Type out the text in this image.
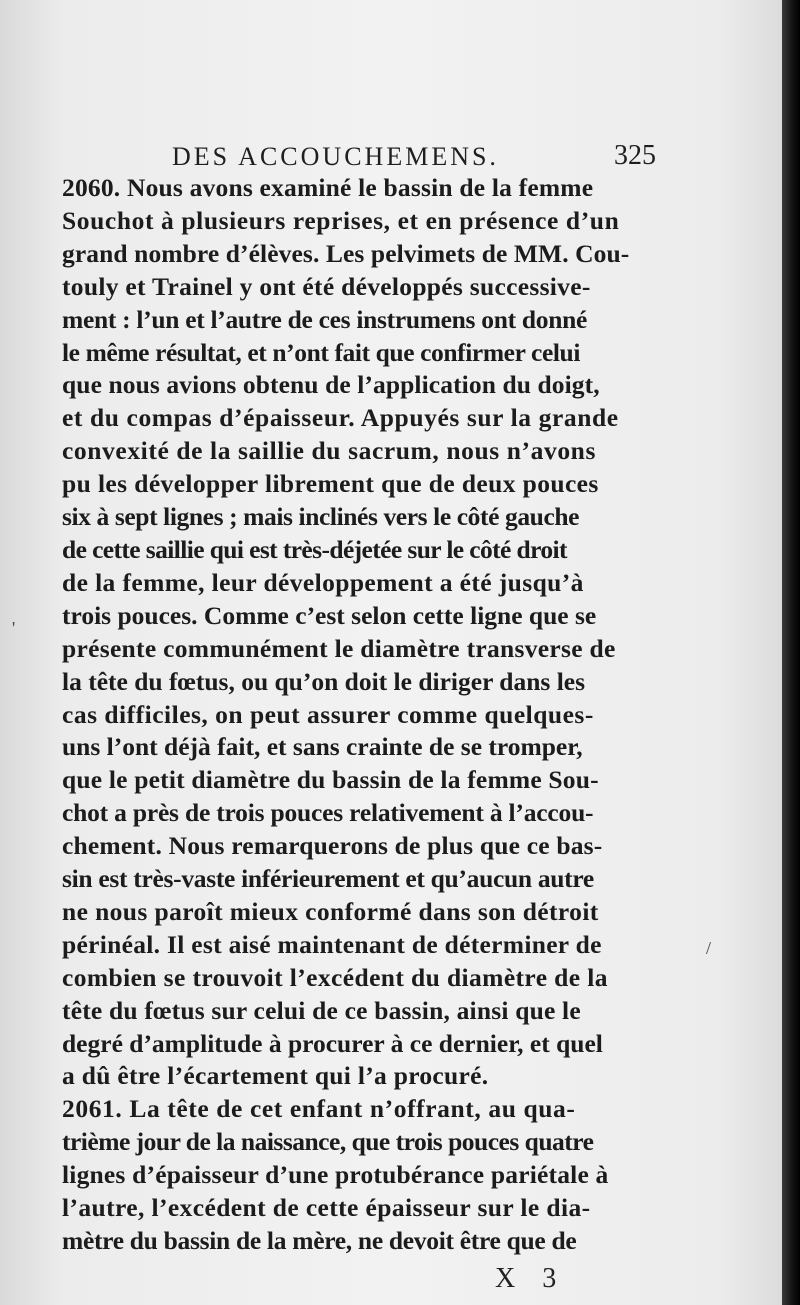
DES ACCOUCHEMENS.	325
2060. Nous avons examiné le bassin de la femme
Souchot à plusieurs reprises, et en présence d’un
grand nombre d’élèves. Les pelvimets de MM. Cou-
touly et Trainel y ont été développés successive-
ment : l’un et l’autre de ces instrumens ont donné
le même résultat, et n’ont fait que confirmer celui
que nous avions obtenu de l’application du doigt,
et du compas d’épaisseur. Appuyés sur la grande
convexité de la saillie du sacrum, nous n’avons
pu les développer librement que de deux pouces
six à sept lignes ; mais inclinés vers le côté gauche
de cette saillie qui est très-déjetée sur le côté droit
de la femme, leur développement a été jusqu’à
trois pouces. Comme c’est selon cette ligne que se
présente communément le diamètre transverse de
la tête du fœtus, ou qu’on doit le diriger dans les
cas difficiles, on peut assurer comme quelques-
uns l’ont déjà fait, et sans crainte de se tromper,
que le petit diamètre du bassin de la femme Sou-
chot a près de trois pouces relativement à l’accou-
chement. Nous remarquerons de plus que ce bas-
sin est très-vaste inférieurement et qu’aucun autre
ne nous paroît mieux conformé dans son détroit
périnéal. Il est aisé maintenant de déterminer de
combien se trouvoit l’excédent du diamètre de la
tête du fœtus sur celui de ce bassin, ainsi que le
degré d’amplitude à procurer à ce dernier, et quel
a dû être l’écartement qui l’a procuré.
2061. La tête de cet enfant n’offrant, au qua-
trième jour de la naissance, que trois pouces quatre
lignes d’épaisseur d’une protubérance pariétale à
l’autre, l’excédent de cette épaisseur sur le dia-
mètre du bassin de la mère, ne devoit être que de
X 3
'
/
